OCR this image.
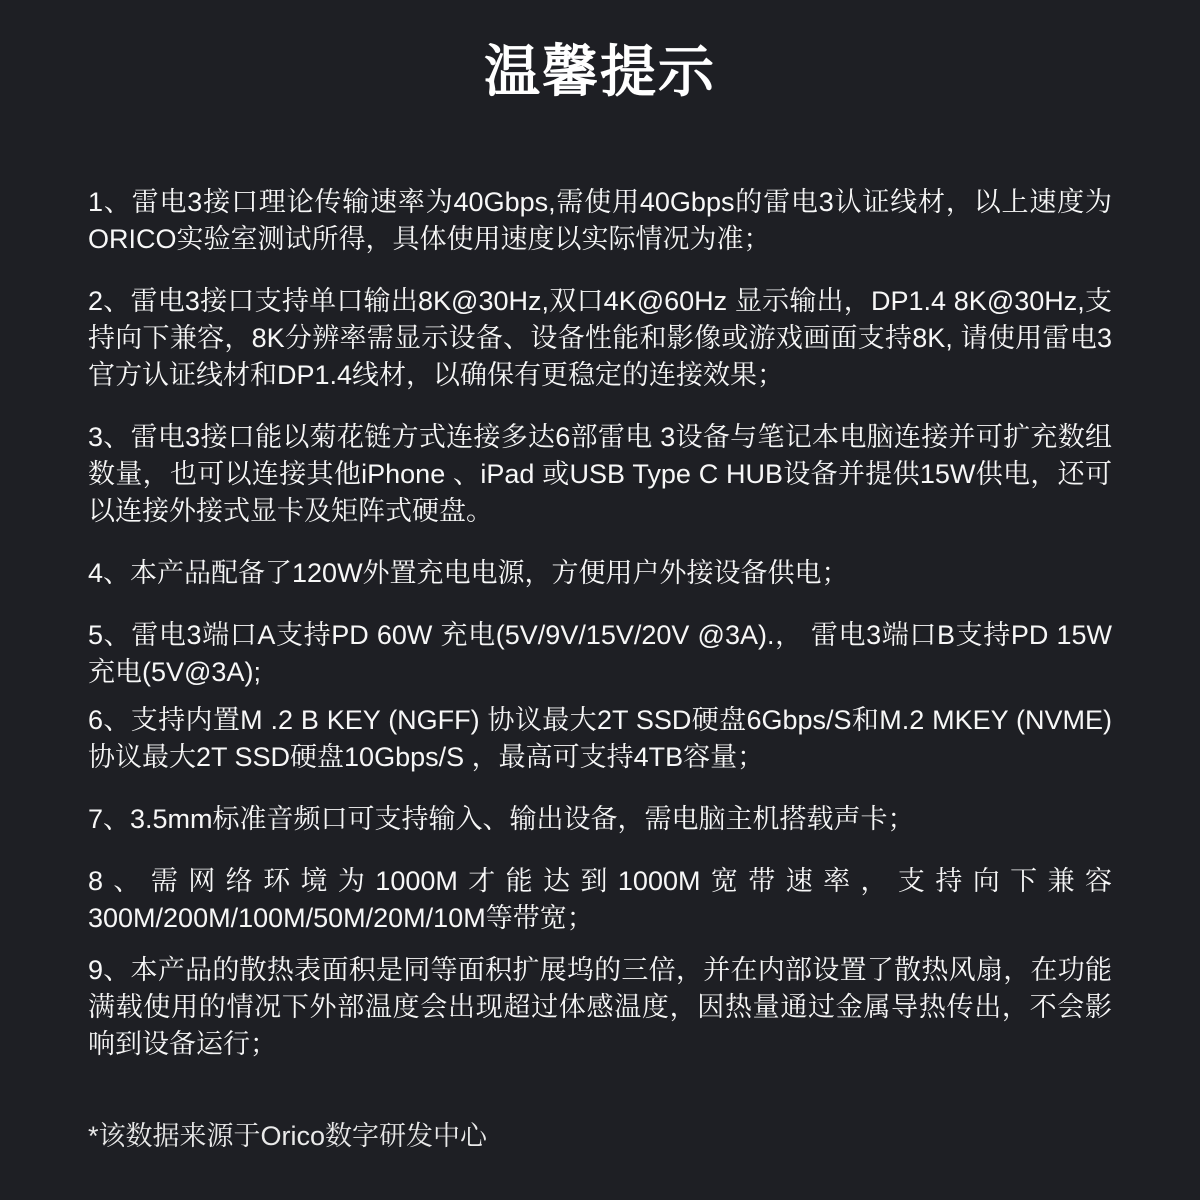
温馨提示

1、雷电3接口理论传输速率为40Gbps,需使用40Gbps的雷电3认证线材，以上速度为ORICO实验室测试所得，具体使用速度以实际情况为准；

2、雷电3接口支持单口输出8K@30Hz,双口4K@60Hz 显示输出，DP1.4 8K@30Hz,支持向下兼容，8K分辨率需显示设备、设备性能和影像或游戏画面支持8K, 请使用雷电3官方认证线材和DP1.4线材，以确保有更稳定的连接效果；

3、雷电3接口能以菊花链方式连接多达6部雷电 3设备与笔记本电脑连接并可扩充数组数量，也可以连接其他iPhone 、iPad 或USB Type C HUB设备并提供15W供电，还可以连接外接式显卡及矩阵式硬盘。

4、本产品配备了120W外置充电电源，方便用户外接设备供电；

5、雷电3端口A支持PD 60W 充电(5V/9V/15V/20V @3A).， 雷电3端口B支持PD 15W 充电(5V@3A);

6、支持内置M .2 B KEY (NGFF) 协议最大2T SSD硬盘6Gbps/S和M.2 MKEY (NVME) 协议最大2T SSD硬盘10Gbps/S ，最高可支持4TB容量；

7、3.5mm标准音频口可支持输入、输出设备，需电脑主机搭载声卡；

8、需网络环境为1000M才能达到1000M宽带速率，支持向下兼容300M/200M/100M/50M/20M/10M等带宽；

9、本产品的散热表面积是同等面积扩展坞的三倍，并在内部设置了散热风扇，在功能满载使用的情况下外部温度会出现超过体感温度，因热量通过金属导热传出，不会影响到设备运行；

*该数据来源于Orico数字研发中心
